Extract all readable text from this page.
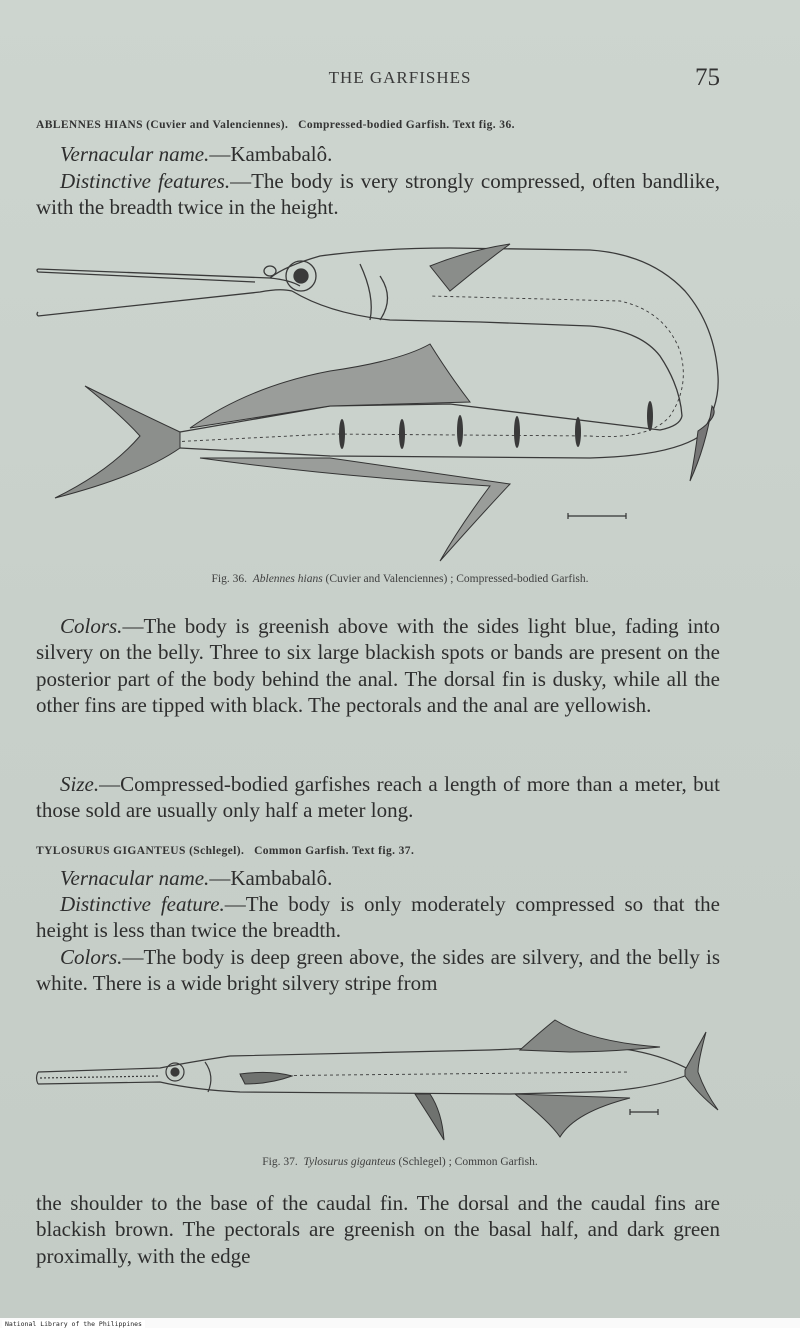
THE GARFISHES	75
ABLENNES HIANS (Cuvier and Valenciennes). Compressed-bodied Garfish. Text fig. 36.
Vernacular name.—Kambabalô.
Distinctive features.—The body is very strongly compressed, often bandlike, with the breadth twice in the height.
Fig. 36. Ablennes hians (Cuvier and Valenciennes) ; Compressed-bodied Garfish.
Colors.—The body is greenish above with the sides light blue, fading into silvery on the belly. Three to six large blackish spots or bands are present on the posterior part of the body behind the anal. The dorsal fin is dusky, while all the other fins are tipped with black. The pectorals and the anal are yellowish.
Size.—Compressed-bodied garfishes reach a length of more than a meter, but those sold are usually only half a meter long.
TYLOSURUS GIGANTEUS (Schlegel). Common Garfish. Text fig. 37.
Vernacular name.—Kambabalô.
Distinctive feature.—The body is only moderately compressed so that the height is less than twice the breadth.
Colors.—The body is deep green above, the sides are silvery, and the belly is white. There is a wide bright silvery stripe from
Fig. 37. Tylosurus giganteus (Schlegel) ; Common Garfish.
the shoulder to the base of the caudal fin. The dorsal and the caudal fins are blackish brown. The pectorals are greenish on the basal half, and dark green proximally, with the edge
National Library of the Philippines
